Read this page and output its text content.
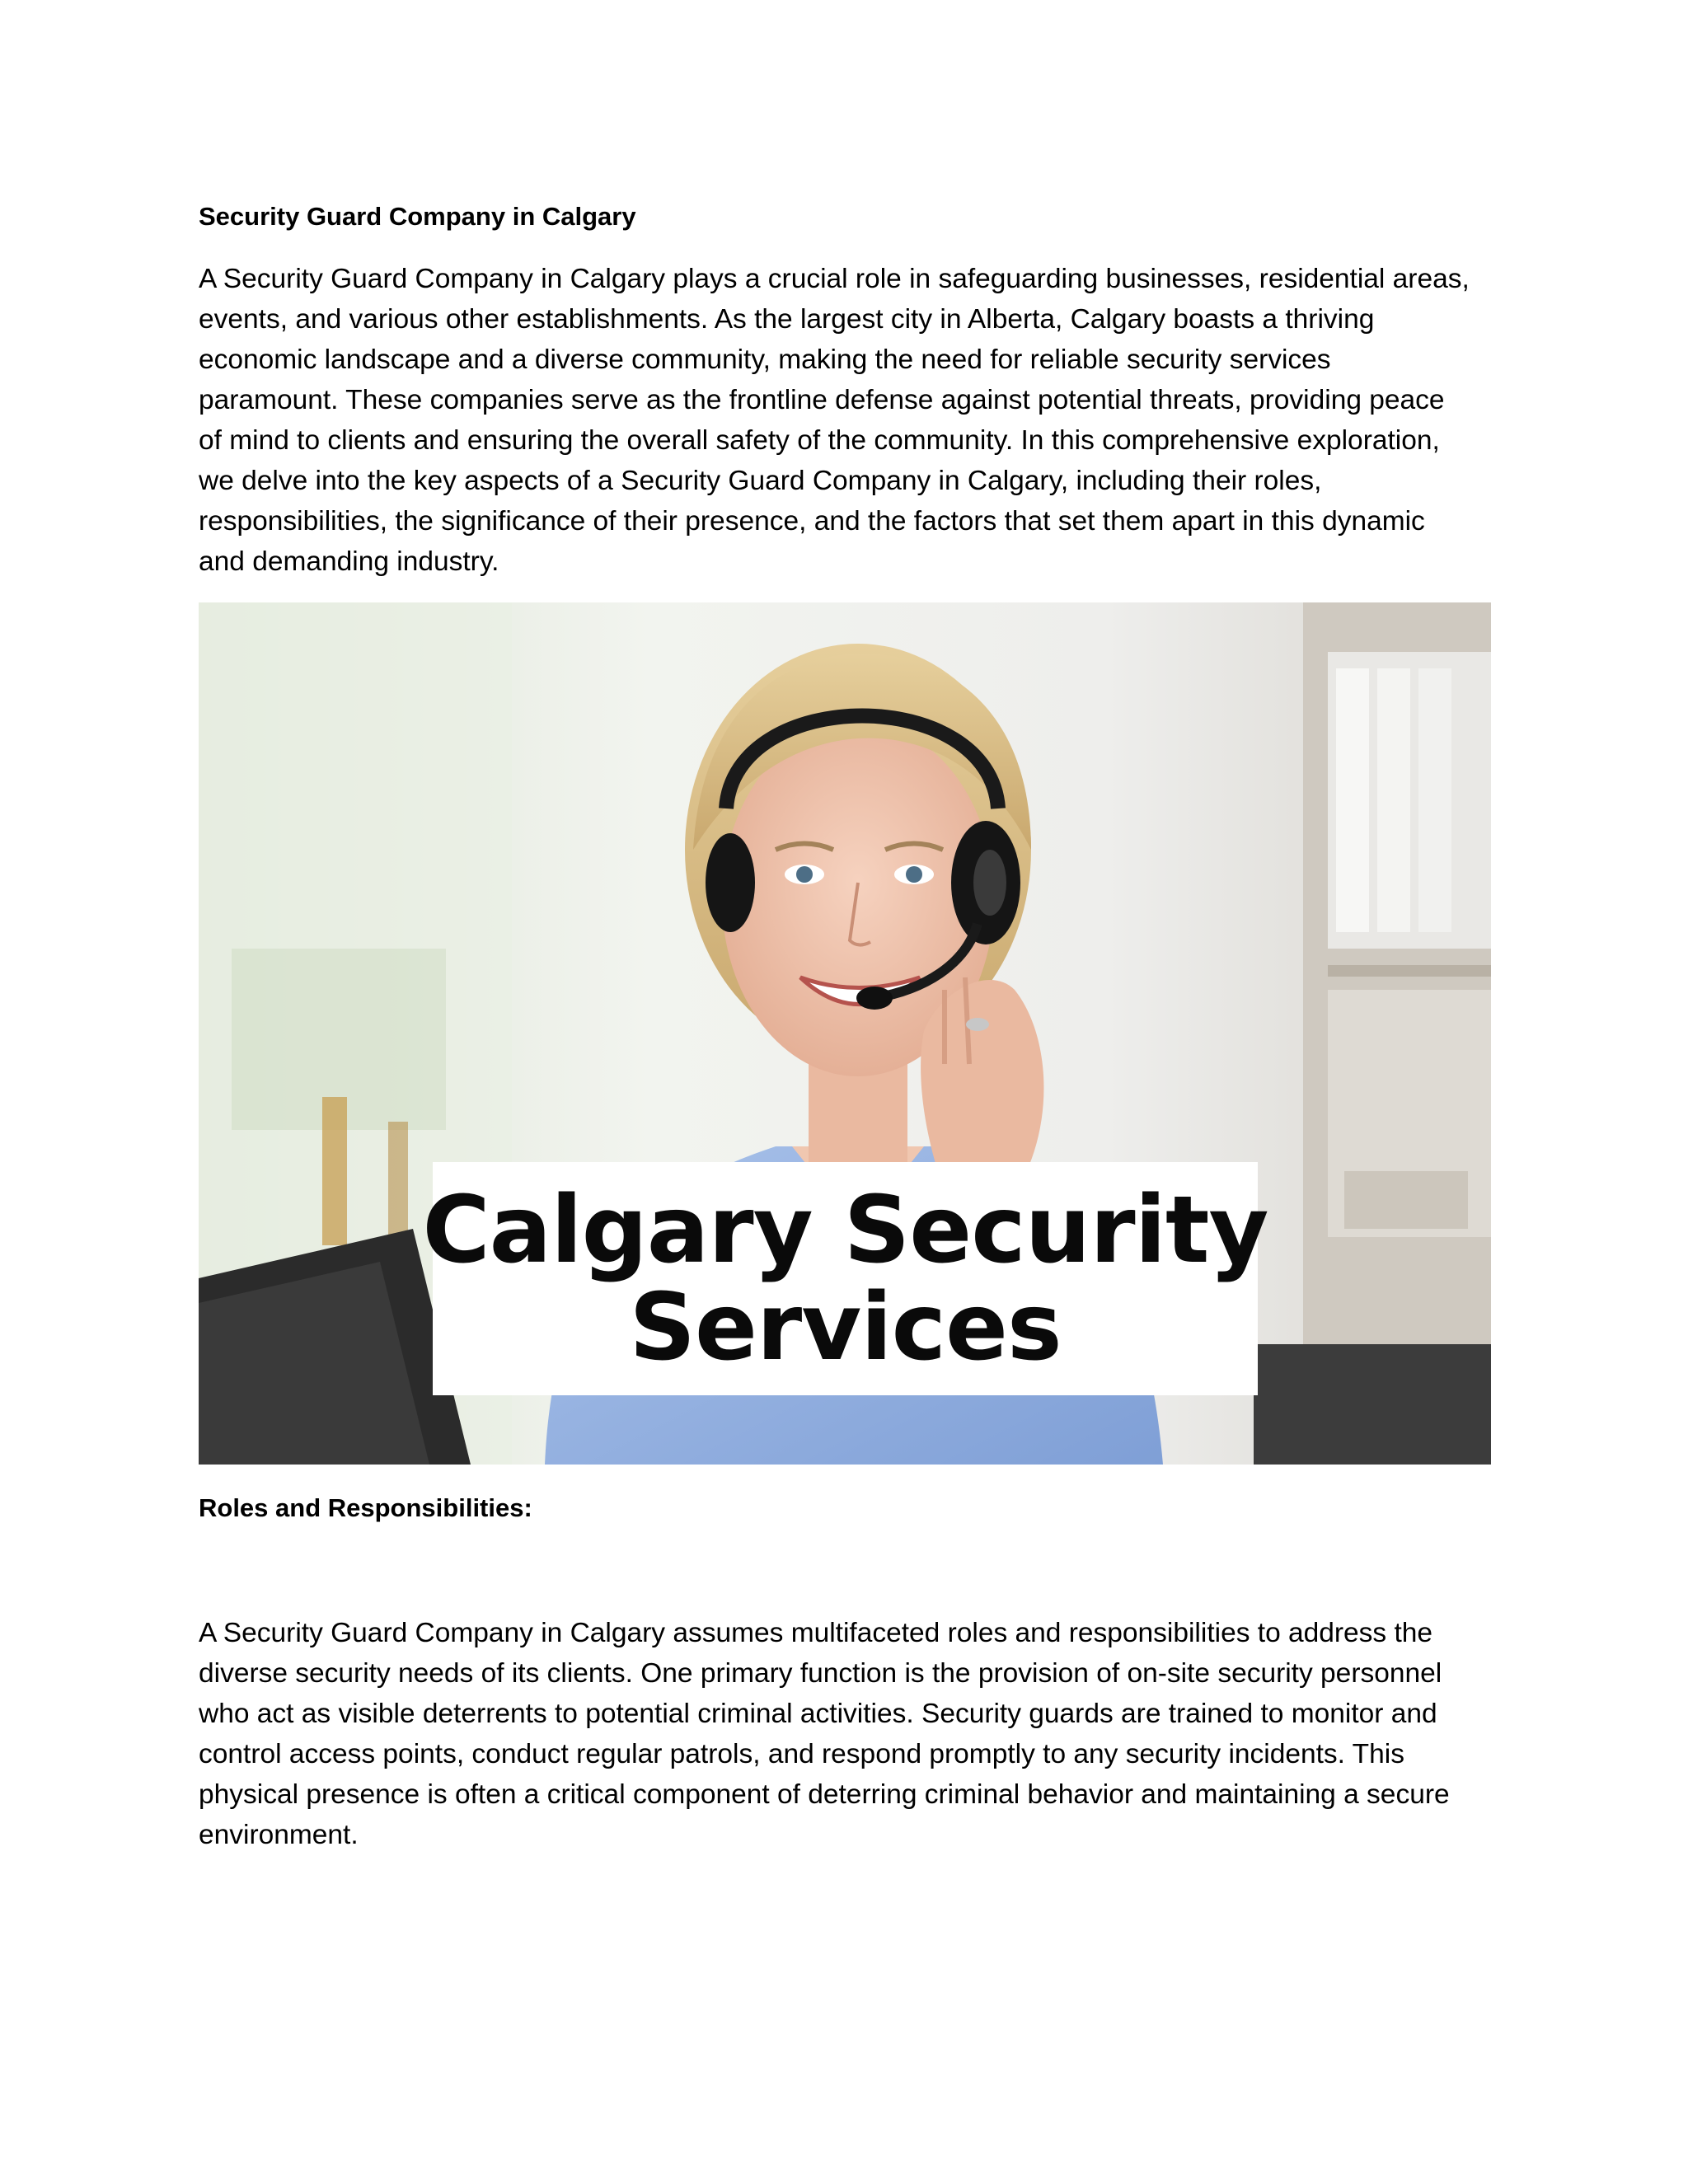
Security Guard Company in Calgary
A Security Guard Company in Calgary plays a crucial role in safeguarding businesses, residential areas,
events, and various other establishments. As the largest city in Alberta, Calgary boasts a thriving
economic landscape and a diverse community, making the need for reliable security services
paramount. These companies serve as the frontline defense against potential threats, providing peace
of mind to clients and ensuring the overall safety of the community. In this comprehensive exploration,
we delve into the key aspects of a Security Guard Company in Calgary, including their roles,
responsibilities, the significance of their presence, and the factors that set them apart in this dynamic
and demanding industry.
Calgary Security
Services
Roles and Responsibilities:
A Security Guard Company in Calgary assumes multifaceted roles and responsibilities to address the
diverse security needs of its clients. One primary function is the provision of on-site security personnel
who act as visible deterrents to potential criminal activities. Security guards are trained to monitor and
control access points, conduct regular patrols, and respond promptly to any security incidents. This
physical presence is often a critical component of deterring criminal behavior and maintaining a secure
environment.
